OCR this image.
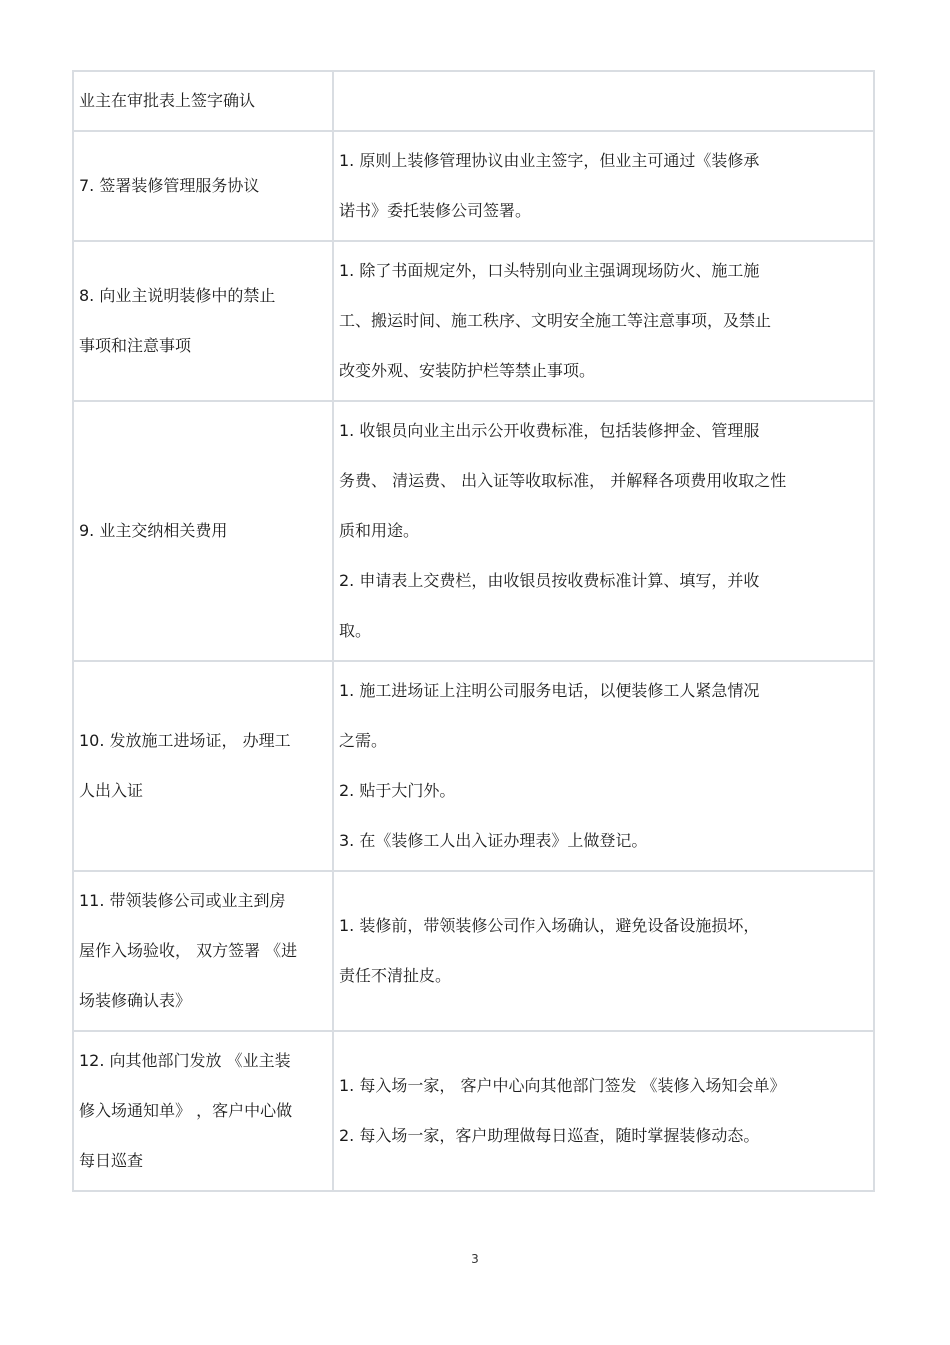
业主在审批表上签字确认	

7. 签署装修管理服务协议	1. 原则上装修管理协议由业主签字，但业主可通过《装修承
诺书》委托装修公司签署。

8. 向业主说明装修中的禁止
事项和注意事项	1. 除了书面规定外，口头特别向业主强调现场防火、施工施
工、搬运时间、施工秩序、文明安全施工等注意事项，及禁止
改变外观、安装防护栏等禁止事项。

9. 业主交纳相关费用	1. 收银员向业主出示公开收费标准，包括装修押金、管理服
务费、 清运费、 出入证等收取标准， 并解释各项费用收取之性
质和用途。
2. 申请表上交费栏，由收银员按收费标准计算、填写，并收
取。

10. 发放施工进场证， 办理工
人出入证	1. 施工进场证上注明公司服务电话，以便装修工人紧急情况
之需。
2. 贴于大门外。
3. 在《装修工人出入证办理表》上做登记。

11. 带领装修公司或业主到房
屋作入场验收， 双方签署 《进
场装修确认表》	1. 装修前，带领装修公司作入场确认，避免设备设施损坏，
责任不清扯皮。

12. 向其他部门发放 《业主装
修入场通知单》 ，客户中心做
每日巡查	1. 每入场一家， 客户中心向其他部门签发 《装修入场知会单》
2. 每入场一家，客户助理做每日巡查，随时掌握装修动态。
3
